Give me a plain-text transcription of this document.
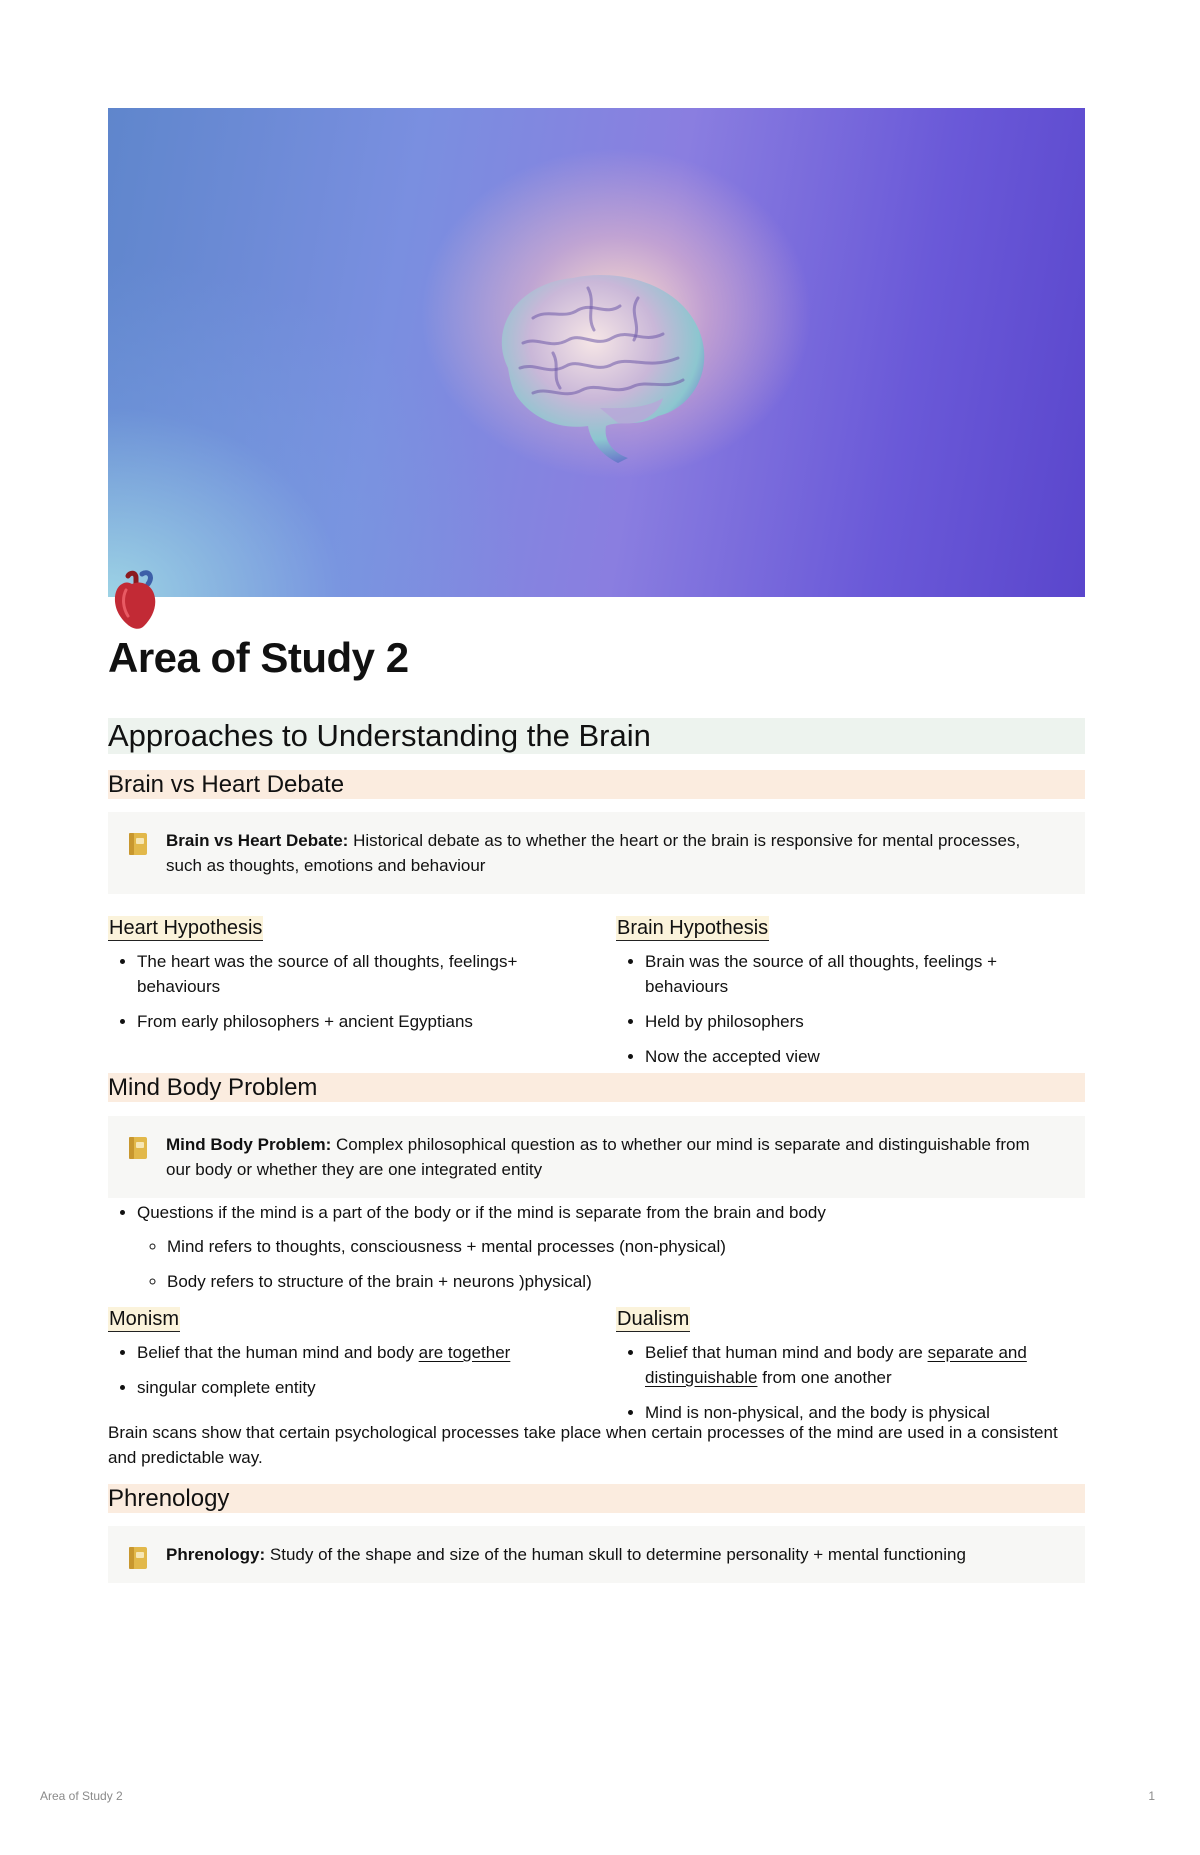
Area of Study 2
Approaches to Understanding the Brain
Brain vs Heart Debate
Brain vs Heart Debate: Historical debate as to whether the heart or the brain is responsive for mental processes, such as thoughts, emotions and behaviour
Heart Hypothesis
• The heart was the source of all thoughts, feelings+ behaviours
• From early philosophers + ancient Egyptians
Brain Hypothesis
• Brain was the source of all thoughts, feelings + behaviours
• Held by philosophers
• Now the accepted view
Mind Body Problem
Mind Body Problem: Complex philosophical question as to whether our mind is separate and distinguishable from our body or whether they are one integrated entity
• Questions if the mind is a part of the body or if the mind is separate from the brain and body
◦ Mind refers to thoughts, consciousness + mental processes (non-physical)
◦ Body refers to structure of the brain + neurons )physical)
Monism
• Belief that the human mind and body are together
• singular complete entity
Dualism
• Belief that human mind and body are separate and distinguishable from one another
• Mind is non-physical, and the body is physical

Brain scans show that certain psychological processes take place when certain processes of the mind are used in a consistent and predictable way.

Phrenology
Phrenology: Study of the shape and size of the human skull to determine personality + mental functioning
Area of Study 2	1
